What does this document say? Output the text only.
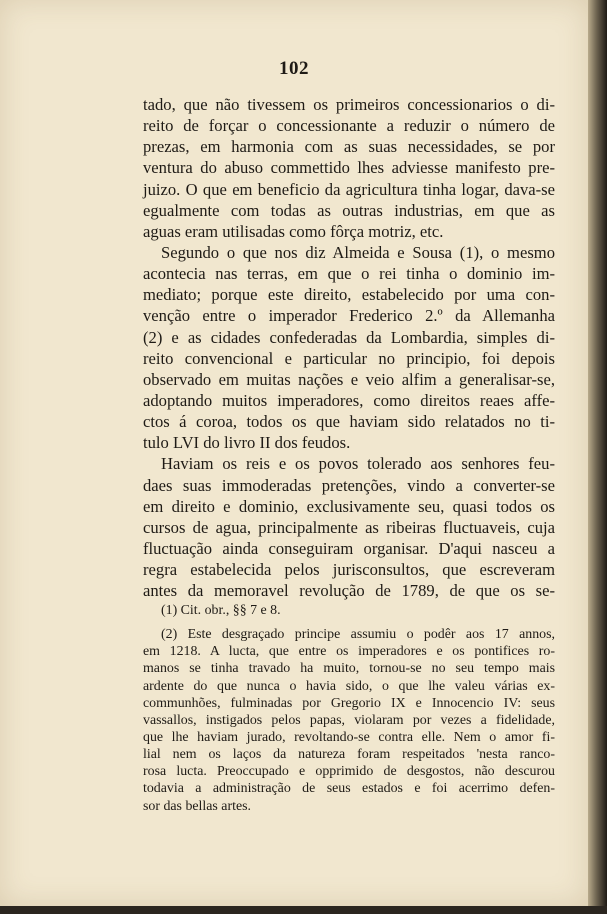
102
tado, que não tivessem os primeiros concessionarios o di-
reito de forçar o concessionante a reduzir o número de
prezas, em harmonia com as suas necessidades, se por
ventura do abuso commettido lhes adviesse manifesto pre-
juizo. O que em beneficio da agricultura tinha logar, dava-se
egualmente com todas as outras industrias, em que as
aguas eram utilisadas como fôrça motriz, etc.
Segundo o que nos diz Almeida e Sousa (1), o mesmo
acontecia nas terras, em que o rei tinha o dominio im-
mediato; porque este direito, estabelecido por uma con-
venção entre o imperador Frederico 2.º da Allemanha
(2) e as cidades confederadas da Lombardia, simples di-
reito convencional e particular no principio, foi depois
observado em muitas nações e veio alfim a generalisar-se,
adoptando muitos imperadores, como direitos reaes affe-
ctos á coroa, todos os que haviam sido relatados no ti-
tulo LVI do livro II dos feudos.
Haviam os reis e os povos tolerado aos senhores feu-
daes suas immoderadas pretenções, vindo a converter-se
em direito e dominio, exclusivamente seu, quasi todos os
cursos de agua, principalmente as ribeiras fluctuaveis, cuja
fluctuação ainda conseguiram organisar. D'aqui nasceu a
regra estabelecida pelos jurisconsultos, que escreveram
antes da memoravel revolução de 1789, de que os se-
(1) Cit. obr., §§ 7 e 8.
(2) Este desgraçado principe assumiu o podêr aos 17 annos,
em 1218. A lucta, que entre os imperadores e os pontifices ro-
manos se tinha travado ha muito, tornou-se no seu tempo mais
ardente do que nunca o havia sido, o que lhe valeu várias ex-
communhões, fulminadas por Gregorio IX e Innocencio IV: seus
vassallos, instigados pelos papas, violaram por vezes a fidelidade,
que lhe haviam jurado, revoltando-se contra elle. Nem o amor fi-
lial nem os laços da natureza foram respeitados 'nesta ranco-
rosa lucta. Preoccupado e opprimido de desgostos, não descurou
todavia a administração de seus estados e foi acerrimo defen-
sor das bellas artes.
